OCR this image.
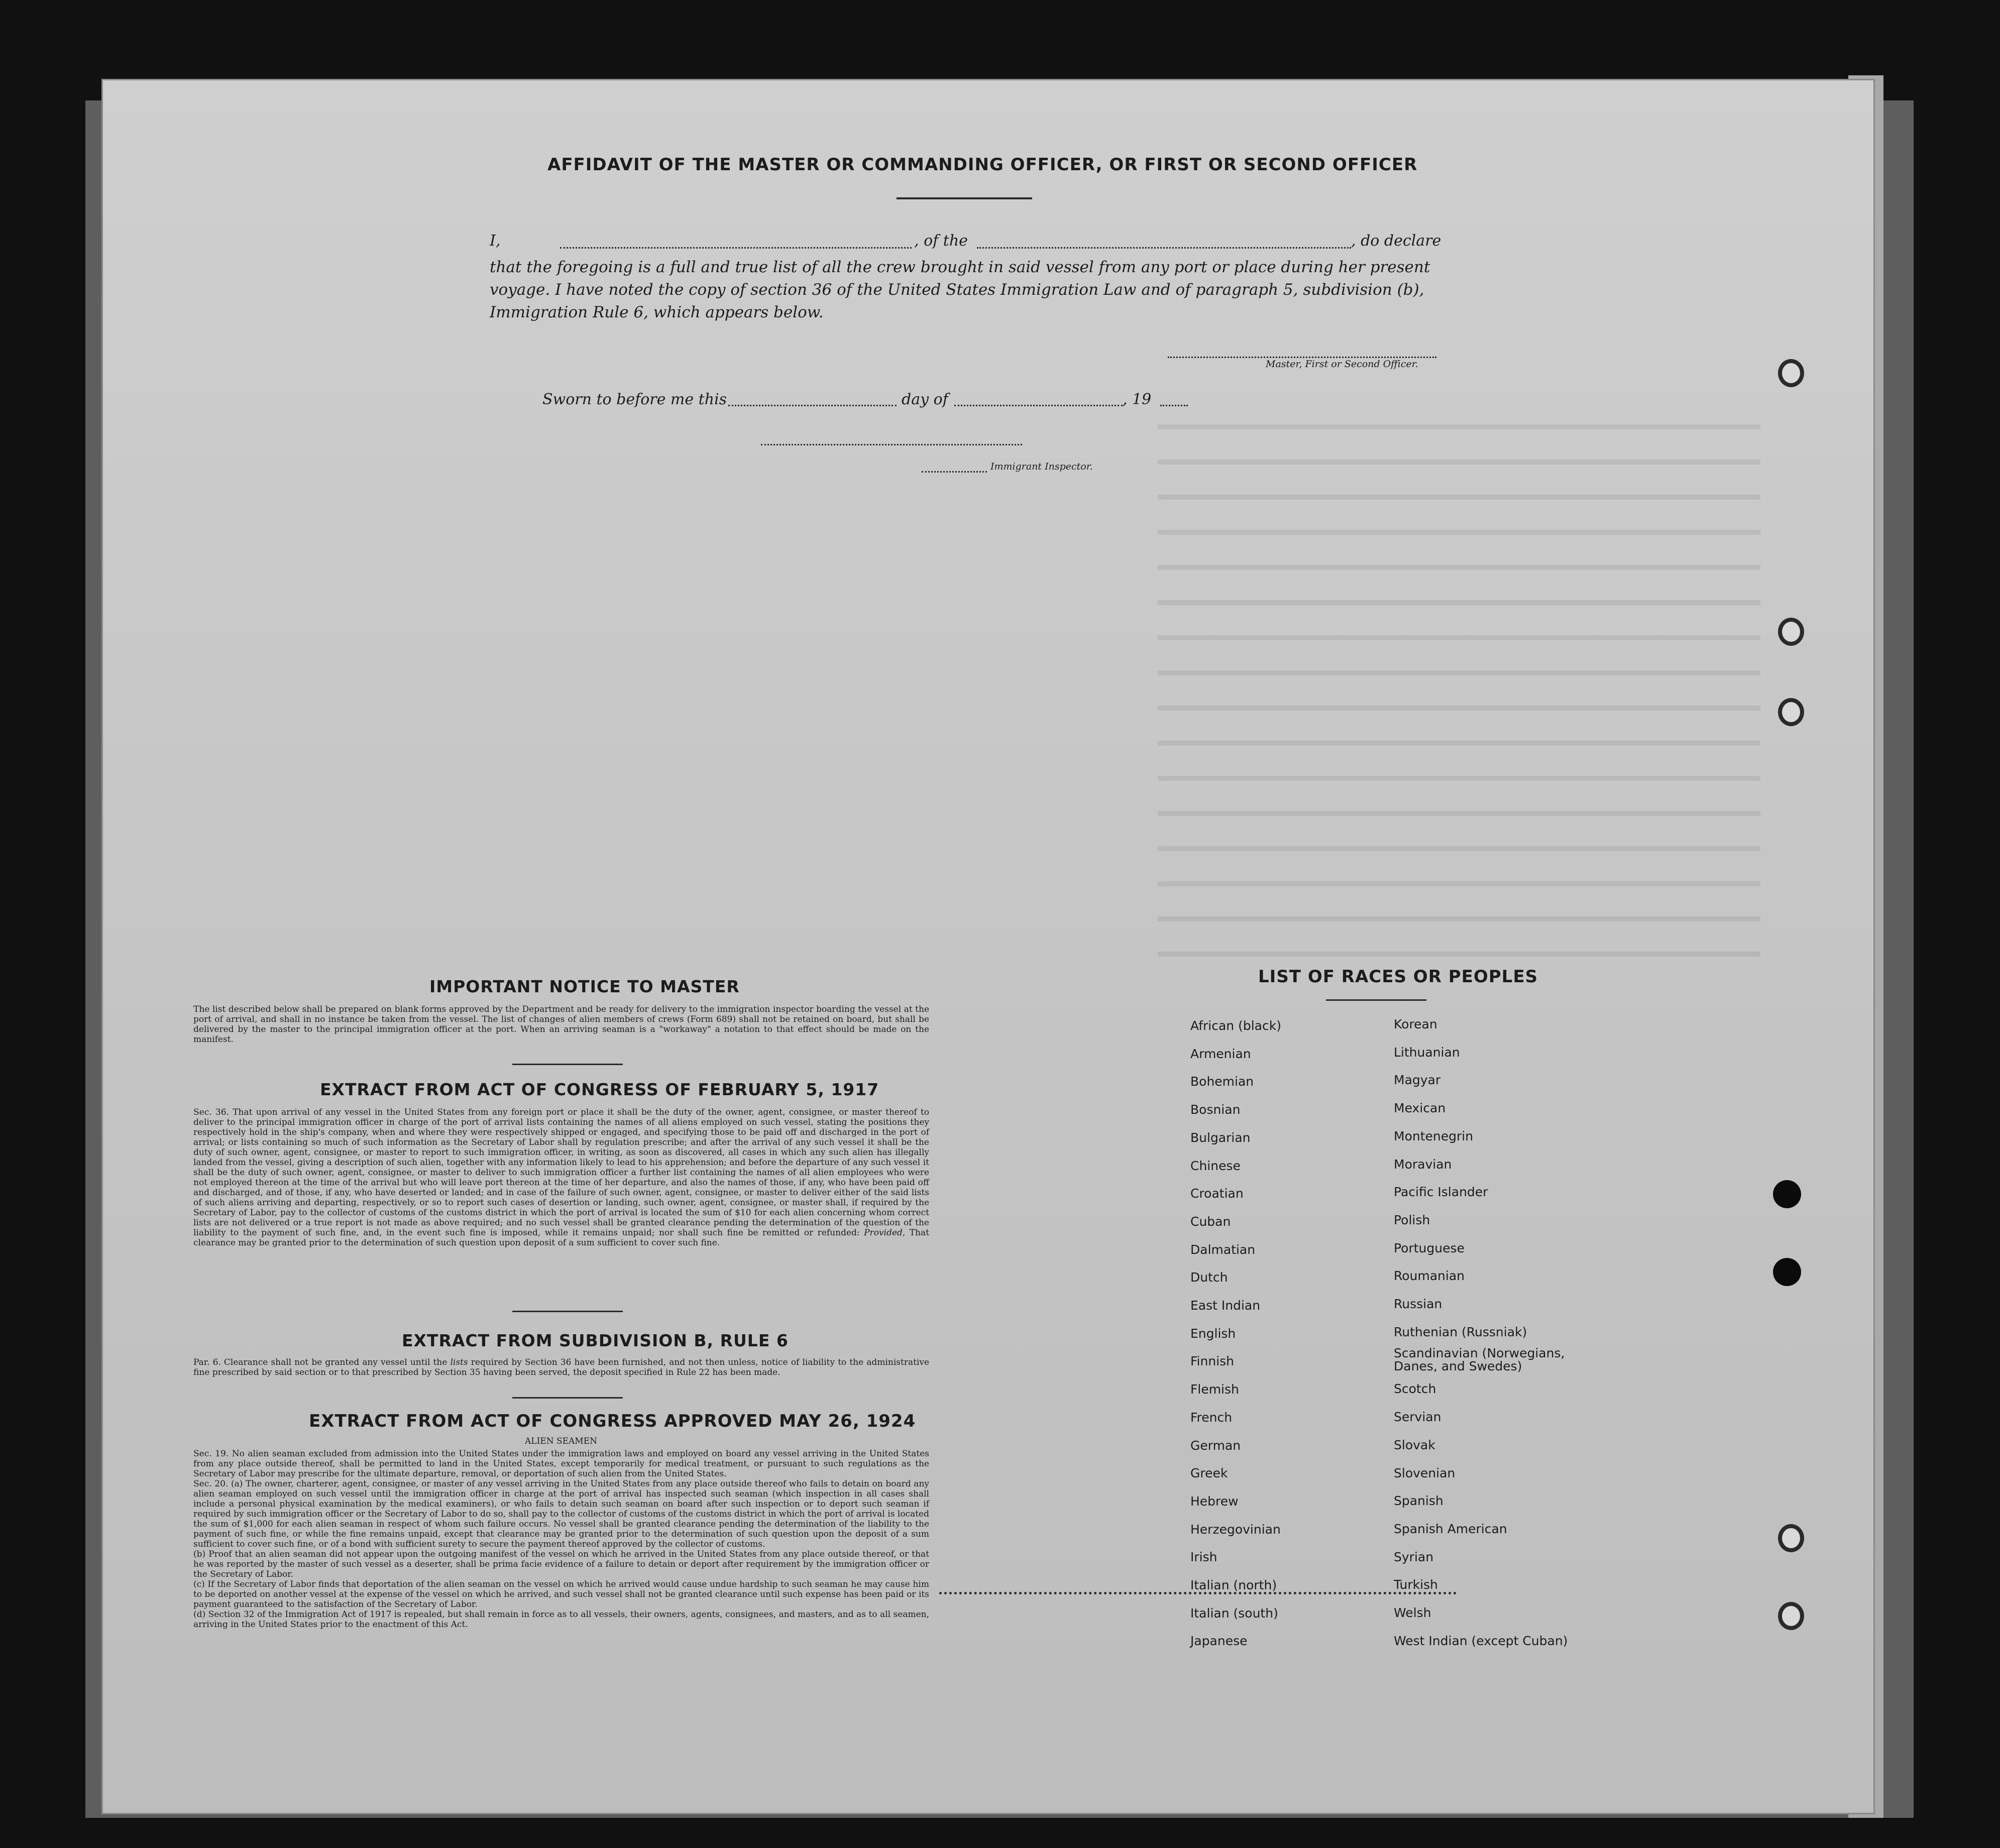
AFFIDAVIT OF THE MASTER OR COMMANDING OFFICER, OR FIRST OR SECOND OFFICER
I,	, of the	, do declare
that the foregoing is a full and true list of all the crew brought in said vessel from any port or place during her present voyage. I have noted the copy of section 36 of the United States Immigration Law and of paragraph 5, subdivision (b), Immigration Rule 6, which appears below.
Master, First or Second Officer.
Sworn to before me this	day of	, 19
Immigrant Inspector.
IMPORTANT NOTICE TO MASTER
The list described below shall be prepared on blank forms approved by the Department and be ready for delivery to the immigration inspector boarding the vessel at the port of arrival, and shall in no instance be taken from the vessel. The list of changes of alien members of crews (Form 689) shall not be retained on board, but shall be delivered by the master to the principal immigration officer at the port. When an arriving seaman is a "workaway" a notation to that effect should be made on the manifest.
EXTRACT FROM ACT OF CONGRESS OF FEBRUARY 5, 1917
Sec. 36. That upon arrival of any vessel in the United States from any foreign port or place it shall be the duty of the owner, agent, consignee, or master thereof to deliver to the principal immigration officer in charge of the port of arrival lists containing the names of all aliens employed on such vessel, stating the positions they respectively hold in the ship's company, when and where they were respectively shipped or engaged, and specifying those to be paid off and discharged in the port of arrival; or lists containing so much of such information as the Secretary of Labor shall by regulation prescribe; and after the arrival of any such vessel it shall be the duty of such owner, agent, consignee, or master to report to such immigration officer, in writing, as soon as discovered, all cases in which any such alien has illegally landed from the vessel, giving a description of such alien, together with any information likely to lead to his apprehension; and before the departure of any such vessel it shall be the duty of such owner, agent, consignee, or master to deliver to such immigration officer a further list containing the names of all alien employees who were not employed thereon at the time of the arrival but who will leave port thereon at the time of her departure, and also the names of those, if any, who have been paid off and discharged, and of those, if any, who have deserted or landed; and in case of the failure of such owner, agent, consignee, or master to deliver either of the said lists of such aliens arriving and departing, respectively, or so to report such cases of desertion or landing, such owner, agent, consignee, or master shall, if required by the Secretary of Labor, pay to the collector of customs of the customs district in which the port of arrival is located the sum of $10 for each alien concerning whom correct lists are not delivered or a true report is not made as above required; and no such vessel shall be granted clearance pending the determination of the question of the liability to the payment of such fine, and, in the event such fine is imposed, while it remains unpaid; nor shall such fine be remitted or refunded: Provided, That clearance may be granted prior to the determination of such question upon deposit of a sum sufficient to cover such fine.
EXTRACT FROM SUBDIVISION B, RULE 6
Par. 6. Clearance shall not be granted any vessel until the lists required by Section 36 have been furnished, and not then unless, notice of liability to the administrative fine prescribed by said section or to that prescribed by Section 35 having been served, the deposit specified in Rule 22 has been made.
EXTRACT FROM ACT OF CONGRESS APPROVED MAY 26, 1924
ALIEN SEAMEN
Sec. 19. No alien seaman excluded from admission into the United States under the immigration laws and employed on board any vessel arriving in the United States from any place outside thereof, shall be permitted to land in the United States, except temporarily for medical treatment, or pursuant to such regulations as the Secretary of Labor may prescribe for the ultimate departure, removal, or deportation of such alien from the United States.
Sec. 20. (a) The owner, charterer, agent, consignee, or master of any vessel arriving in the United States from any place outside thereof who fails to detain on board any alien seaman employed on such vessel until the immigration officer in charge at the port of arrival has inspected such seaman (which inspection in all cases shall include a personal physical examination by the medical examiners), or who fails to detain such seaman on board after such inspection or to deport such seaman if required by such immigration officer or the Secretary of Labor to do so, shall pay to the collector of customs of the customs district in which the port of arrival is located the sum of $1,000 for each alien seaman in respect of whom such failure occurs. No vessel shall be granted clearance pending the determination of the liability to the payment of such fine, or while the fine remains unpaid, except that clearance may be granted prior to the determination of such question upon the deposit of a sum sufficient to cover such fine, or of a bond with sufficient surety to secure the payment thereof approved by the collector of customs.
(b) Proof that an alien seaman did not appear upon the outgoing manifest of the vessel on which he arrived in the United States from any place outside thereof, or that he was reported by the master of such vessel as a deserter, shall be prima facie evidence of a failure to detain or deport after requirement by the immigration officer or the Secretary of Labor.
(c) If the Secretary of Labor finds that deportation of the alien seaman on the vessel on which he arrived would cause undue hardship to such seaman he may cause him to be deported on another vessel at the expense of the vessel on which he arrived, and such vessel shall not be granted clearance until such expense has been paid or its payment guaranteed to the satisfaction of the Secretary of Labor.
(d) Section 32 of the Immigration Act of 1917 is repealed, but shall remain in force as to all vessels, their owners, agents, consignees, and masters, and as to all seamen, arriving in the United States prior to the enactment of this Act.
LIST OF RACES OR PEOPLES
African (black)
Armenian
Bohemian
Bosnian
Bulgarian
Chinese
Croatian
Cuban
Dalmatian
Dutch
East Indian
English
Finnish
Flemish
French
German
Greek
Hebrew
Herzegovinian
Irish
Italian (north)
Italian (south)
Japanese
Korean
Lithuanian
Magyar
Mexican
Montenegrin
Moravian
Pacific Islander
Polish
Portuguese
Roumanian
Russian
Ruthenian (Russniak)
Scandinavian (Norwegians, Danes, and Swedes)
Scotch
Servian
Slovak
Slovenian
Spanish
Spanish American
Syrian
Turkish
Welsh
West Indian (except Cuban)
